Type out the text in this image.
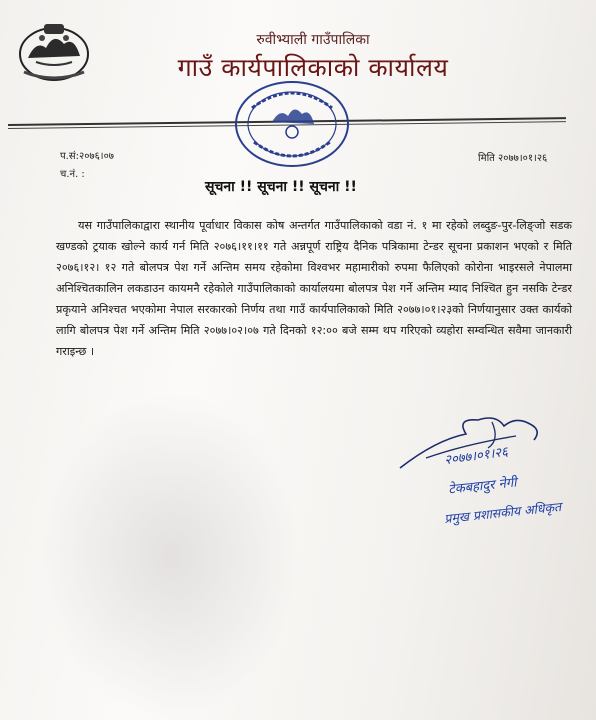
रुवीभ्याली गाउँपालिका
गाउँ कार्यपालिकाको कार्यालय
प.सं:२०७६।०७
च.नं. :
मिति २०७७।०१।२६
सूचना !! सूचना !! सूचना !!
यस गाउँपालिकाद्वारा स्थानीय पूर्वाधार विकास कोष अन्तर्गत गाउँपालिकाको वडा नं. १ मा रहेको लब्दुङ-पुर-लिङ्जो सडक खण्डको ट्रयाक खोल्ने कार्य गर्न मिति २०७६।११।११ गते अन्नपूर्ण राष्ट्रिय दैनिक पत्रिकामा टेन्डर सूचना प्रकाशन भएको र मिति २०७६।१२। १२ गते बोलपत्र पेश गर्ने अन्तिम समय रहेकोमा विश्वभर महामारीको रुपमा फैलिएको कोरोना भाइरसले नेपालमा अनिश्चितकालिन लकडाउन कायमनै रहेकोले गाउँपालिकाको कार्यालयमा बोलपत्र पेश गर्ने अन्तिम म्याद निश्चित हुन नसकि टेन्डर प्रकृयाने अनिश्चत भएकोमा नेपाल सरकारको निर्णय तथा गाउँ कार्यपालिकाको मिति २०७७।०१।२३को निर्णयानुसार उक्त कार्यको लागि बोलपत्र पेश गर्ने अन्तिम मिति २०७७।०२।०७ गते दिनको १२:०० बजे सम्म थप गरिएको व्यहोरा सम्वन्धित सवैमा जानकारी गराइन्छ ।
२०७७।०१।२६
टेकबहादुर नेगी
प्रमुख प्रशासकीय अधिकृत
